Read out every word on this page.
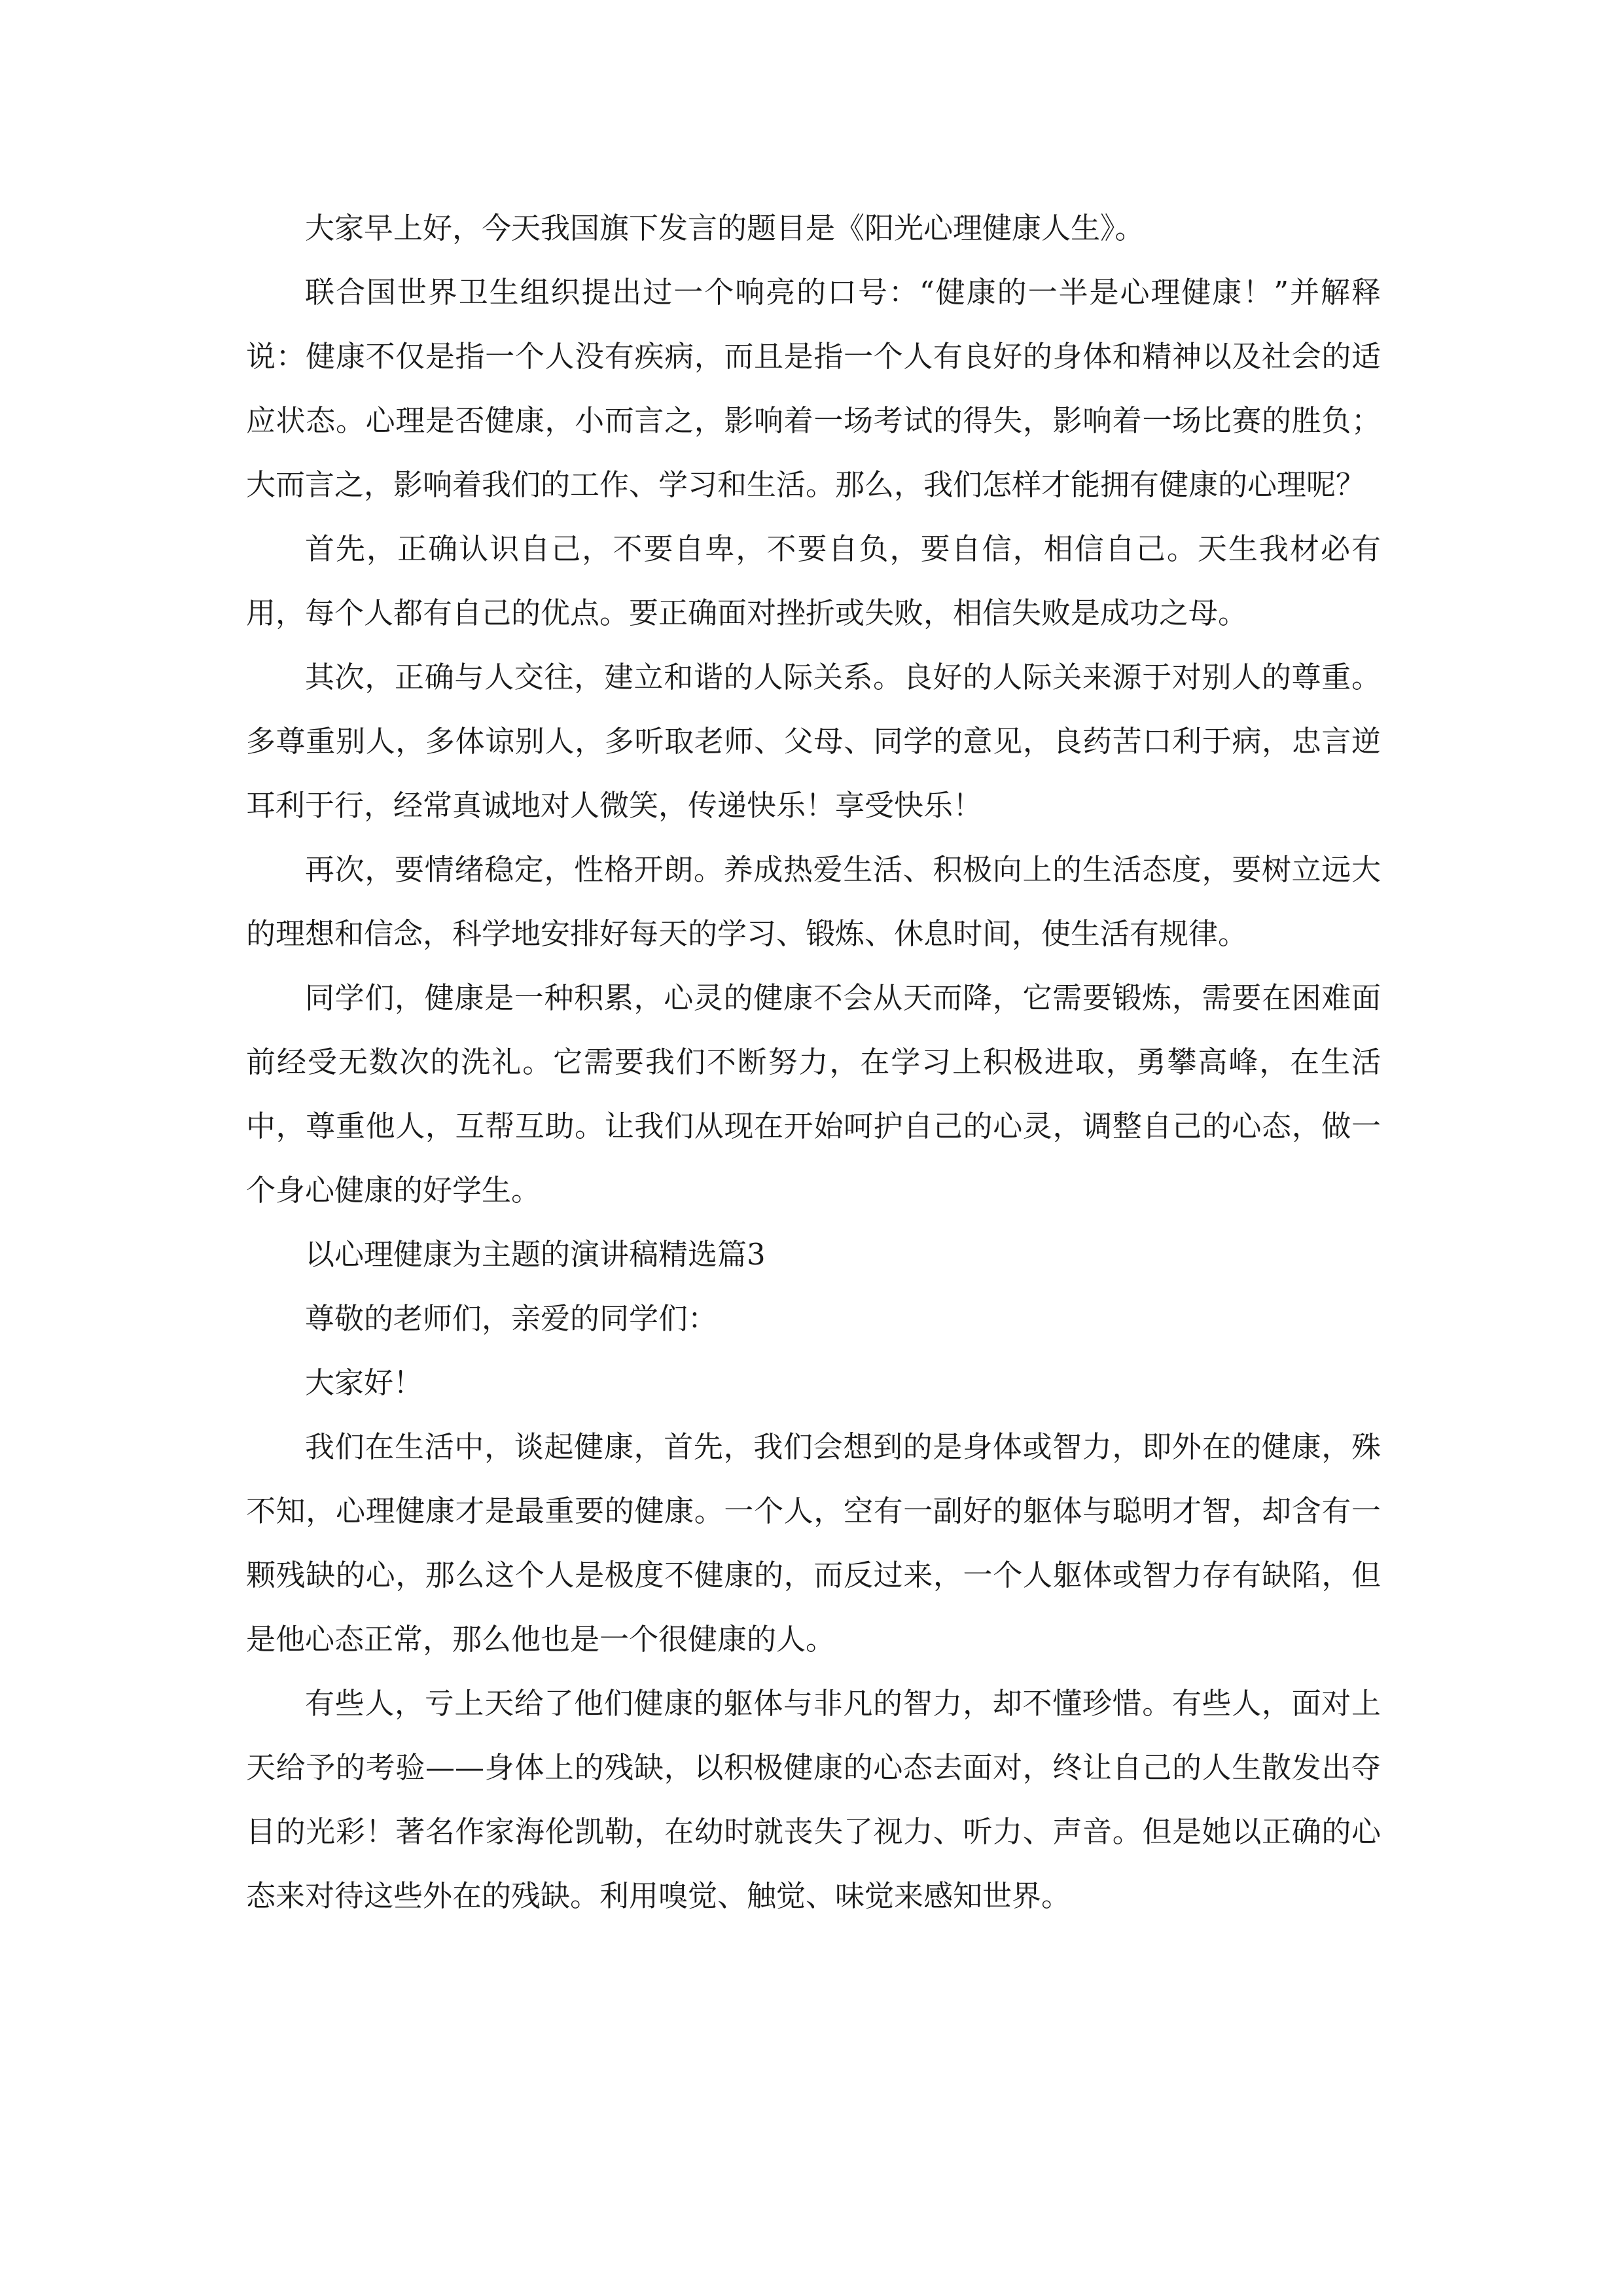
大家早上好，今天我国旗下发言的题目是《阳光心理健康人生》。

联合国世界卫生组织提出过一个响亮的口号：“健康的一半是心理健康！”并解释说：健康不仅是指一个人没有疾病，而且是指一个人有良好的身体和精神以及社会的适应状态。心理是否健康，小而言之，影响着一场考试的得失，影响着一场比赛的胜负；大而言之，影响着我们的工作、学习和生活。那么，我们怎样才能拥有健康的心理呢？

首先，正确认识自己，不要自卑，不要自负，要自信，相信自己。天生我材必有用，每个人都有自己的优点。要正确面对挫折或失败，相信失败是成功之母。

其次，正确与人交往，建立和谐的人际关系。良好的人际关来源于对别人的尊重。多尊重别人，多体谅别人，多听取老师、父母、同学的意见，良药苦口利于病，忠言逆耳利于行，经常真诚地对人微笑，传递快乐！享受快乐！

再次，要情绪稳定，性格开朗。养成热爱生活、积极向上的生活态度，要树立远大的理想和信念，科学地安排好每天的学习、锻炼、休息时间，使生活有规律。

同学们，健康是一种积累，心灵的健康不会从天而降，它需要锻炼，需要在困难面前经受无数次的洗礼。它需要我们不断努力，在学习上积极进取，勇攀高峰，在生活中，尊重他人，互帮互助。让我们从现在开始呵护自己的心灵，调整自己的心态，做一个身心健康的好学生。

以心理健康为主题的演讲稿精选篇3

尊敬的老师们，亲爱的同学们：

大家好！

我们在生活中，谈起健康，首先，我们会想到的是身体或智力，即外在的健康，殊不知，心理健康才是最重要的健康。一个人，空有一副好的躯体与聪明才智，却含有一颗残缺的心，那么这个人是极度不健康的，而反过来，一个人躯体或智力存有缺陷，但是他心态正常，那么他也是一个很健康的人。

有些人，亏上天给了他们健康的躯体与非凡的智力，却不懂珍惜。有些人，面对上天给予的考验——身体上的残缺，以积极健康的心态去面对，终让自己的人生散发出夺目的光彩！著名作家海伦凯勒，在幼时就丧失了视力、听力、声音。但是她以正确的心态来对待这些外在的残缺。利用嗅觉、触觉、味觉来感知世界。
